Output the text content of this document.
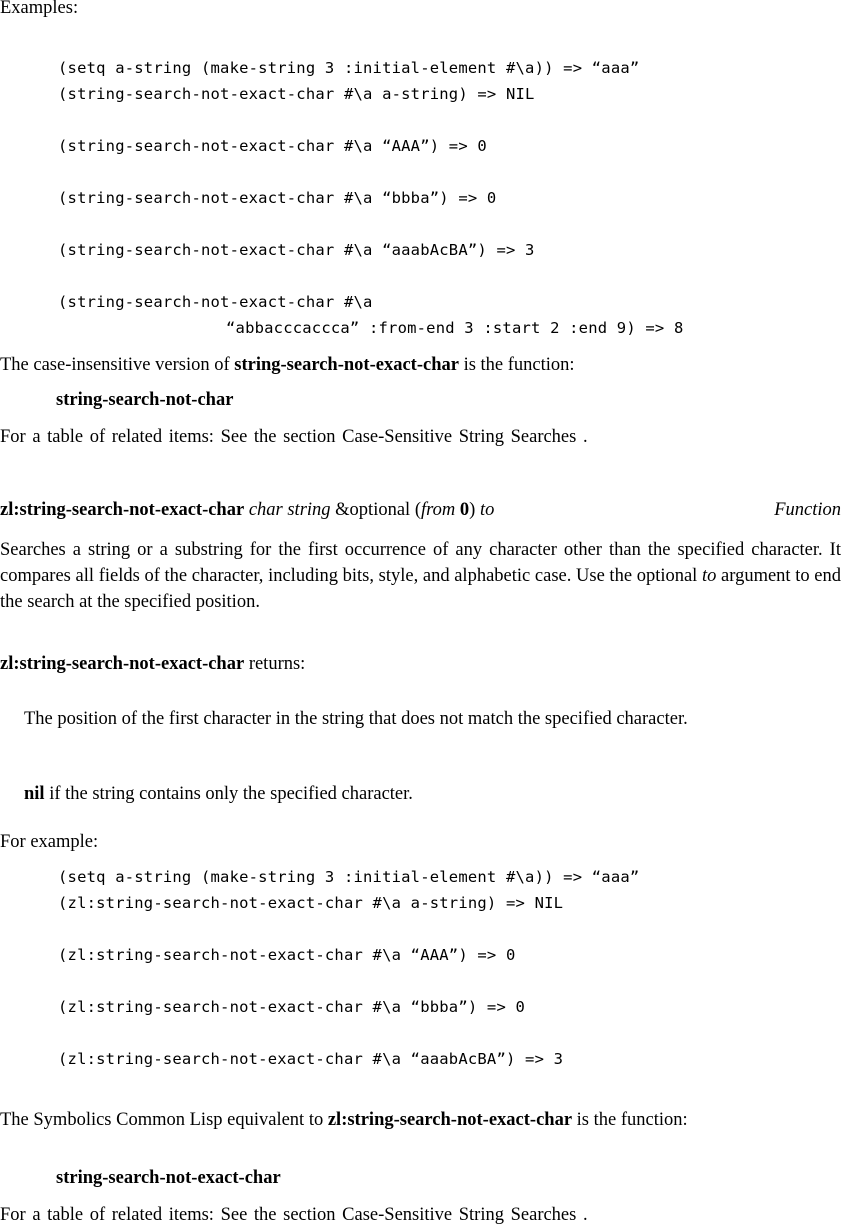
Examples:
(setq a-string (make-string 3 :initial-element #\a)) => “aaa”
(string-search-not-exact-char #\a a-string) => NIL
(string-search-not-exact-char #\a “AAA”) => 0
(string-search-not-exact-char #\a “bbba”) => 0
(string-search-not-exact-char #\a “aaabAcBA”) => 3
(string-search-not-exact-char #\a
“abbacccaccca” :from-end 3 :start 2 :end 9) => 8
The case-insensitive version of string-search-not-exact-char is the function:
string-search-not-char
For a table of related items: See the section Case-Sensitive String Searches .
zl:string-search-not-exact-char char string &optional (from 0) to	Function
Searches a string or a substring for the first occurrence of any character other than the specified character. It compares all fields of the character, including bits, style, and alphabetic case. Use the optional to argument to end the search at the specified position.
zl:string-search-not-exact-char returns:
The position of the first character in the string that does not match the specified character.
nil if the string contains only the specified character.
For example:
(setq a-string (make-string 3 :initial-element #\a)) => “aaa”
(zl:string-search-not-exact-char #\a a-string) => NIL
(zl:string-search-not-exact-char #\a “AAA”) => 0
(zl:string-search-not-exact-char #\a “bbba”) => 0
(zl:string-search-not-exact-char #\a “aaabAcBA”) => 3
The Symbolics Common Lisp equivalent to zl:string-search-not-exact-char is the function:
string-search-not-exact-char
For a table of related items: See the section Case-Sensitive String Searches .
